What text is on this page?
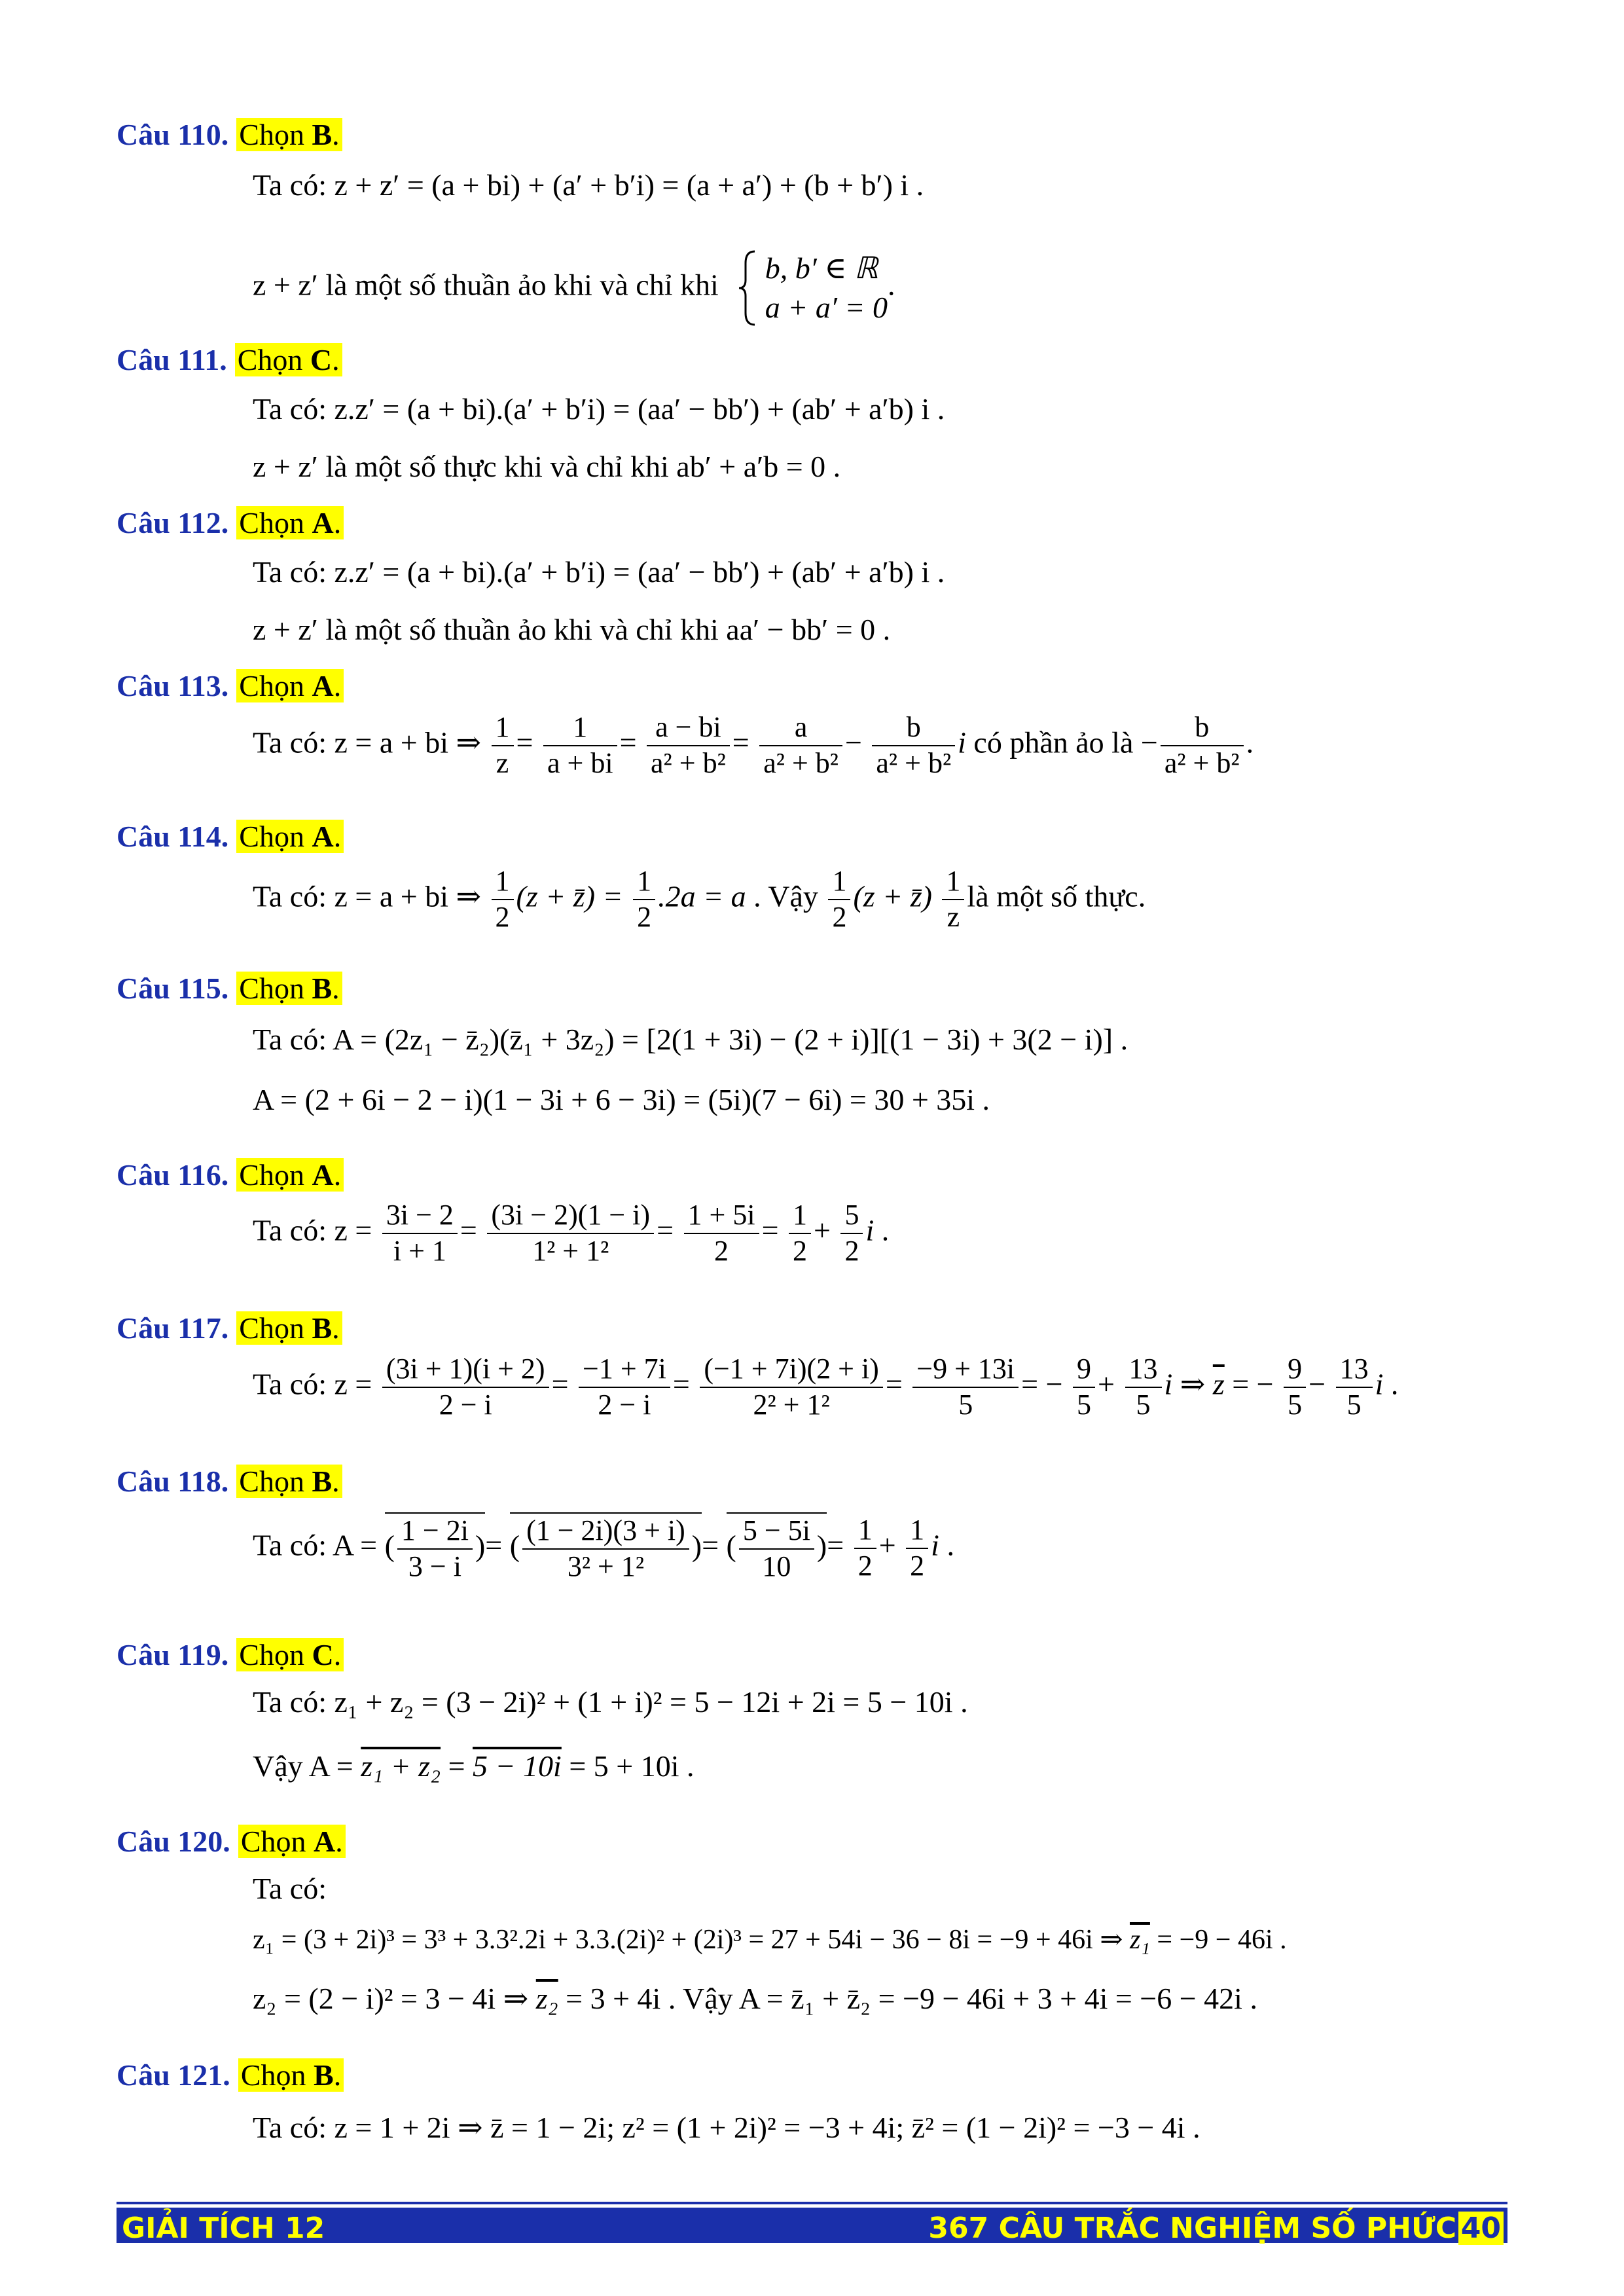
Câu 110. Chọn B.
Ta có: z + z′ = (a + bi) + (a′ + b′i) = (a + a′) + (b + b′) i .
z + z′ là một số thuần ảo khi và chỉ khi b, b′ ∈ ℝ
a + a′ = 0
.
Câu 111. Chọn C.
Ta có: z.z′ = (a + bi).(a′ + b′i) = (aa′ − bb′) + (ab′ + a′b) i .
z + z′ là một số thực khi và chỉ khi ab′ + a′b = 0 .
Câu 112. Chọn A.
Ta có: z.z′ = (a + bi).(a′ + b′i) = (aa′ − bb′) + (ab′ + a′b) i .
z + z′ là một số thuần ảo khi và chỉ khi aa′ − bb′ = 0 .
Câu 113. Chọn A.
Ta có: z = a + bi ⇒ $\frac{1}{z} = \frac{1}{a + bi} = \frac{a - bi}{\text{a² + b²}} = \frac{a}{\text{a² + b²}} - \frac{b}{\text{a² + b²}}$ i có phần ảo là − $\frac{b}{\text{a² + b²}}$ .
Câu 114. Chọn A.
Ta có: z = a + bi ⇒ $\frac{1}{2} (z$ + z̄) = $\frac{1}{2} .2a = a$ . Vậy $\frac{1}{2} (z$ + z̄) $\frac{1}{z}$ là một số thực.
Câu 115. Chọn B.
Ta có: A = (2z₁ − z̄₂)(z̄₁ + 3z₂) = [2(1 + 3i) − (2 + i)][(1 − 3i) + 3(2 − i)] .
A = (2 + 6i − 2 − i)(1 − 3i + 6 − 3i) = (5i)(7 − 6i) = 30 + 35i .
Câu 116. Chọn A.
Ta có: $z = \frac{3i - 2}{i + 1} = \frac{(3i - 2)(1 - i)}{\text{1² + 1²}} = \frac{1 + 5i}{2} = \frac{1}{2} + \frac{5}{2}$ i .
Câu 117. Chọn B.
Ta có: $z = \frac{(3i + 1)(i + 2)}{2 - i} = \frac{-1 + 7i}{2 - i} = \frac{(-1 + 7i)(2 + i)}{\text{2² + 1²}} = \frac{-9 + 13i}{5}$ = − $\frac{9}{5} + \frac{13}{5}$ i ⇒ $\overline{z}$ = − $\frac{9}{5} - \frac{13}{5}$ i .
Câu 118. Chọn B.
Ta có: A = ( $\frac{1 - 2i}{3 - i}$ )= ( $\frac{(1 - 2i)(3 + i)}{\text{3² + 1²}}$ )= ( $\frac{5 - 5i}{10}$ )= $\frac{1}{2} + \frac{1}{2}$ i .
Câu 119. Chọn C.
Ta có: z₁ + z₂ = (3 − 2i)² + (1 + i)² = 5 − 12i + 2i = 5 − 10i .
Vậy A = z₁ + z₂ = 5 − 10i = 5 + 10i .
Câu 120. Chọn A.
Ta có:
z₁ = (3 + 2i)³ = 3³ + 3.3².2i + 3.3.(2i)² + (2i)³ = 27 + 54i − 36 − 8i = −9 + 46i ⇒ z₁ = −9 − 46i .
z₂ = (2 − i)² = 3 − 4i ⇒ z₂ = 3 + 4i . Vậy A = z̄₁ + z̄₂ = −9 − 46i + 3 + 4i = −6 − 42i .
Câu 121. Chọn B.
Ta có: z = 1 + 2i ⇒ z̄ = 1 − 2i; z² = (1 + 2i)² = −3 + 4i; z̄² = (1 − 2i)² = −3 − 4i .
GIẢI TÍCH 12	367 CÂU TRẮC NGHIỆM SỐ PHỨC 40
